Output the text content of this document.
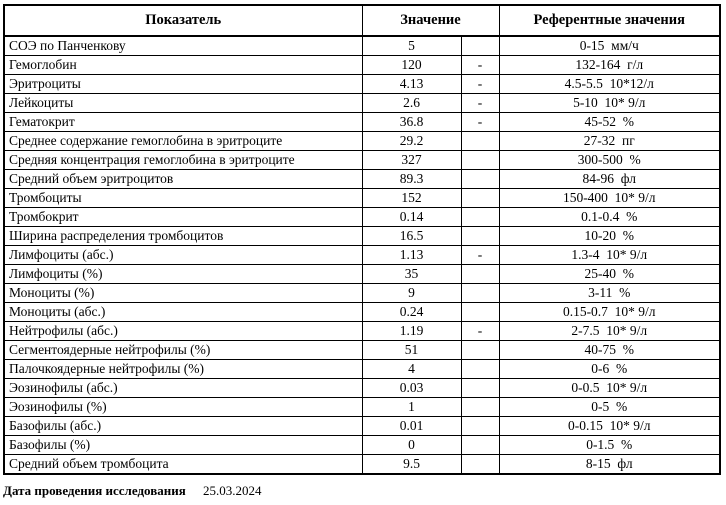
Показатель	Значение		Референтные значения
СОЭ по Панченкову	5		0-15  мм/ч
Гемоглобин	120	-	132-164  г/л
Эритроциты	4.13	-	4.5-5.5  10*12/л
Лейкоциты	2.6	-	5-10  10* 9/л
Гематокрит	36.8	-	45-52  %
Среднее содержание гемоглобина в эритроците	29.2		27-32  пг
Средняя концентрация гемоглобина в эритроците	327		300-500  %
Средний объем эритроцитов	89.3		84-96  фл
Тромбоциты	152		150-400  10* 9/л
Тромбокрит	0.14		0.1-0.4  %
Ширина распределения тромбоцитов	16.5		10-20  %
Лимфоциты (абс.)	1.13	-	1.3-4  10* 9/л
Лимфоциты (%)	35		25-40  %
Моноциты (%)	9		3-11  %
Моноциты (абс.)	0.24		0.15-0.7  10* 9/л
Нейтрофилы (абс.)	1.19	-	2-7.5  10* 9/л
Сегментоядерные нейтрофилы (%)	51		40-75  %
Палочкоядерные нейтрофилы (%)	4		0-6  %
Эозинофилы (абс.)	0.03		0-0.5  10* 9/л
Эозинофилы (%)	1		0-5  %
Базофилы (абс.)	0.01		0-0.15  10* 9/л
Базофилы (%)	0		0-1.5  %
Средний объем тромбоцита	9.5		8-15  фл
Дата проведения исследования 25.03.2024
